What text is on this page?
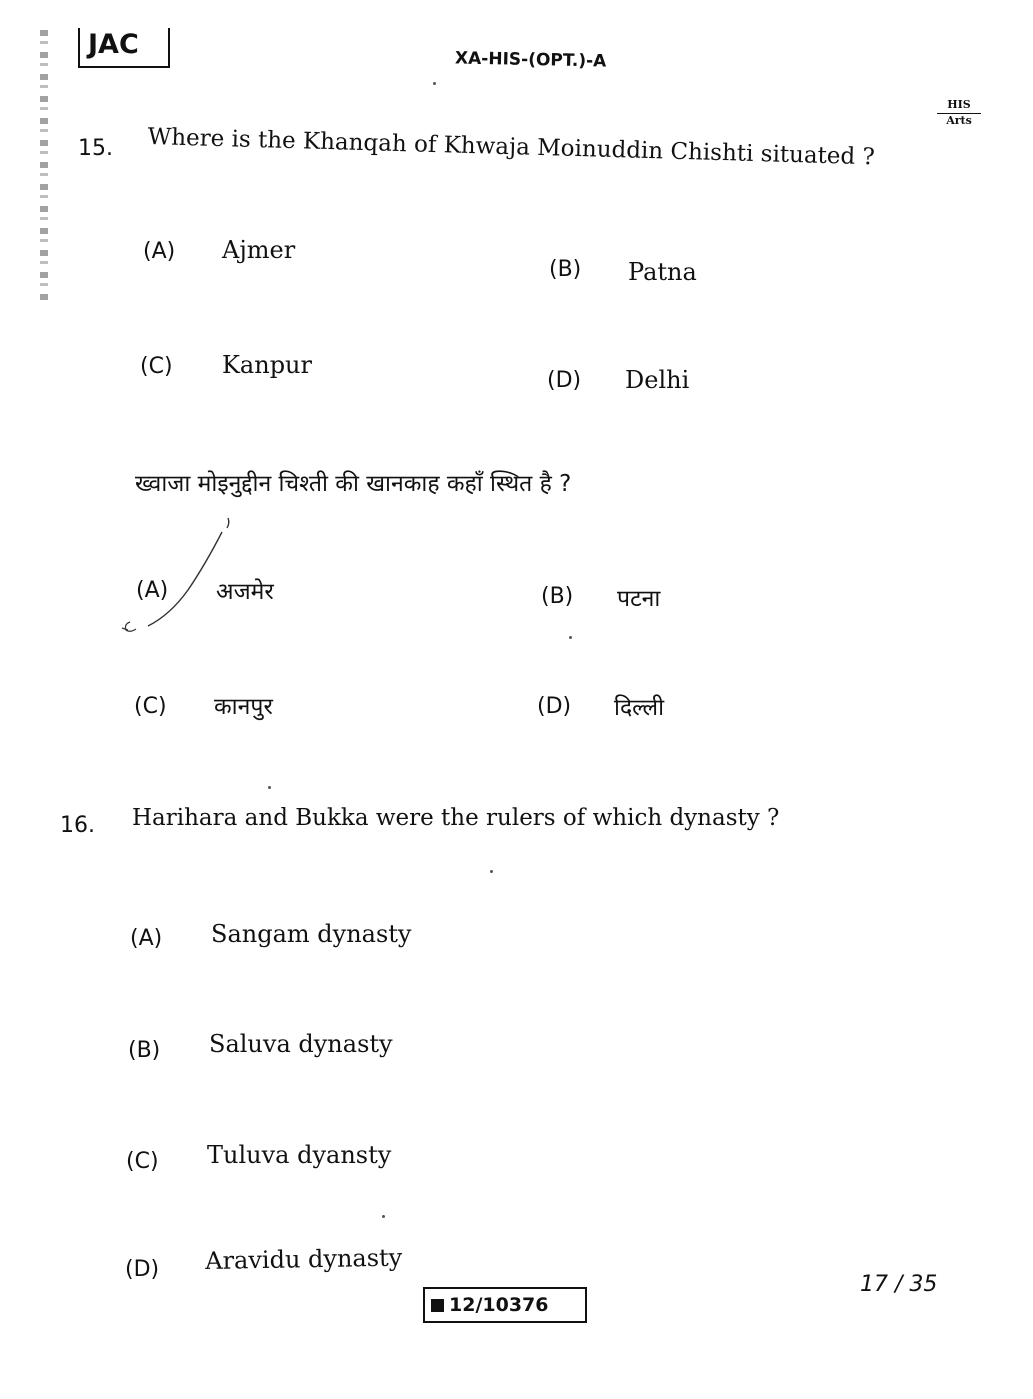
JAC	XA-HIS-(OPT.)-A
HIS
Arts
15. Where is the Khanqah of Khwaja Moinuddin Chishti situated ?
(A) Ajmer
(B) Patna
(C) Kanpur
(D) Delhi
ख्वाजा मोइनुद्दीन चिश्ती की खानकाह कहाँ स्थित है ?
(A) अजमेर	(B) पटना
(C) कानपुर	(D) दिल्ली
16. Harihara and Bukka were the rulers of which dynasty ?
(A) Sangam dynasty
(B) Saluva dynasty
(C) Tuluva dyansty
(D) Aravidu dynasty
17 / 35
12/10376
